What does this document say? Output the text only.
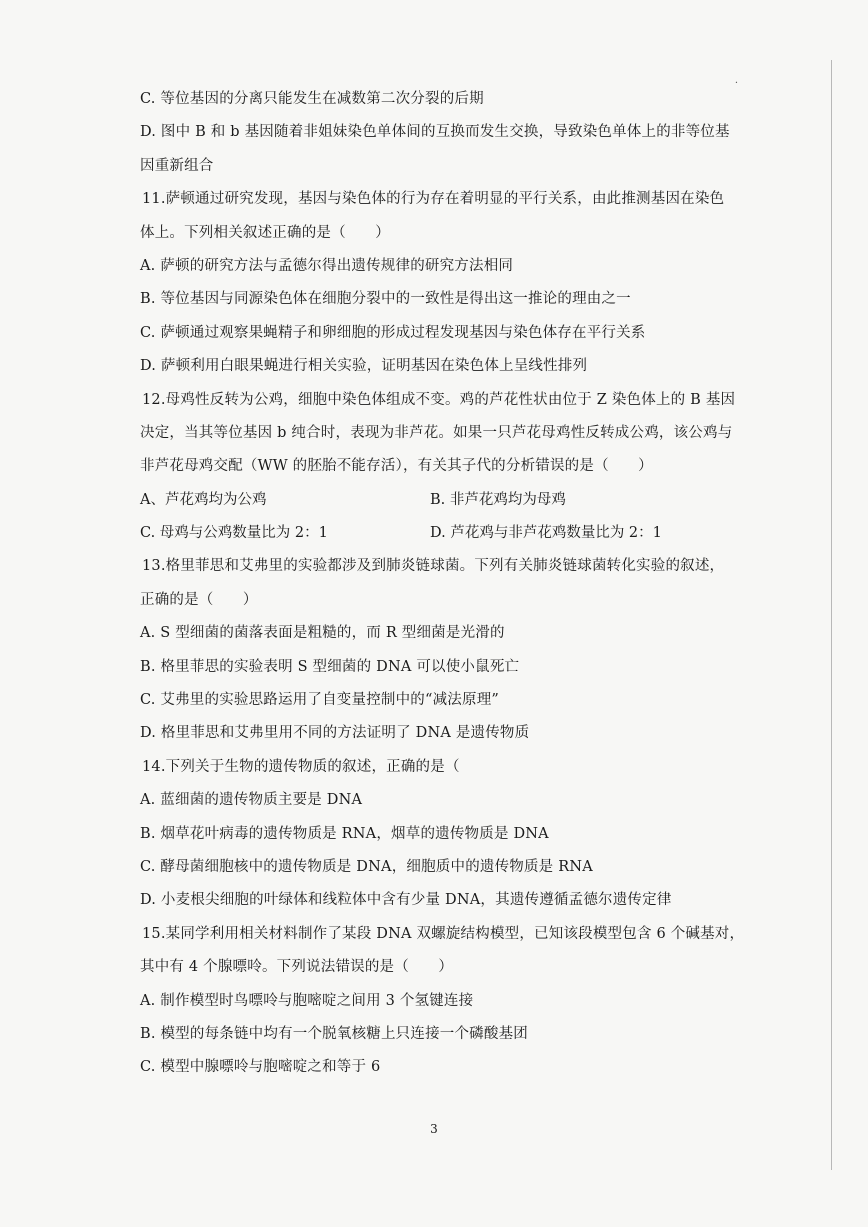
·
C. 等位基因的分离只能发生在减数第二次分裂的后期
D. 图中 B 和 b 基因随着非姐妹染色单体间的互换而发生交换，导致染色单体上的非等位基
因重新组合
11.萨顿通过研究发现，基因与染色体的行为存在着明显的平行关系，由此推测基因在染色
体上。下列相关叙述正确的是（　　）
A. 萨顿的研究方法与孟德尔得出遗传规律的研究方法相同
B. 等位基因与同源染色体在细胞分裂中的一致性是得出这一推论的理由之一
C. 萨顿通过观察果蝇精子和卵细胞的形成过程发现基因与染色体存在平行关系
D. 萨顿利用白眼果蝇进行相关实验，证明基因在染色体上呈线性排列
12.母鸡性反转为公鸡，细胞中染色体组成不变。鸡的芦花性状由位于 Z 染色体上的 B 基因
决定，当其等位基因 b 纯合时，表现为非芦花。如果一只芦花母鸡性反转成公鸡，该公鸡与
非芦花母鸡交配（WW 的胚胎不能存活），有关其子代的分析错误的是（　　）
A、芦花鸡均为公鸡	B. 非芦花鸡均为母鸡
C. 母鸡与公鸡数量比为 2：1	D. 芦花鸡与非芦花鸡数量比为 2：1
13.格里菲思和艾弗里的实验都涉及到肺炎链球菌。下列有关肺炎链球菌转化实验的叙述，
正确的是（　　）
A. S 型细菌的菌落表面是粗糙的，而 R 型细菌是光滑的
B. 格里菲思的实验表明 S 型细菌的 DNA 可以使小鼠死亡
C. 艾弗里的实验思路运用了自变量控制中的“减法原理”
D. 格里菲思和艾弗里用不同的方法证明了 DNA 是遗传物质
14.下列关于生物的遗传物质的叙述，正确的是（
A. 蓝细菌的遗传物质主要是 DNA
B. 烟草花叶病毒的遗传物质是 RNA，烟草的遗传物质是 DNA
C. 酵母菌细胞核中的遗传物质是 DNA，细胞质中的遗传物质是 RNA
D. 小麦根尖细胞的叶绿体和线粒体中含有少量 DNA，其遗传遵循孟德尔遗传定律
15.某同学利用相关材料制作了某段 DNA 双螺旋结构模型，已知该段模型包含 6 个碱基对，
其中有 4 个腺嘌呤。下列说法错误的是（　　）
A. 制作模型时鸟嘌呤与胞嘧啶之间用 3 个氢键连接
B. 模型的每条链中均有一个脱氧核糖上只连接一个磷酸基团
C. 模型中腺嘌呤与胞嘧啶之和等于 6
3
